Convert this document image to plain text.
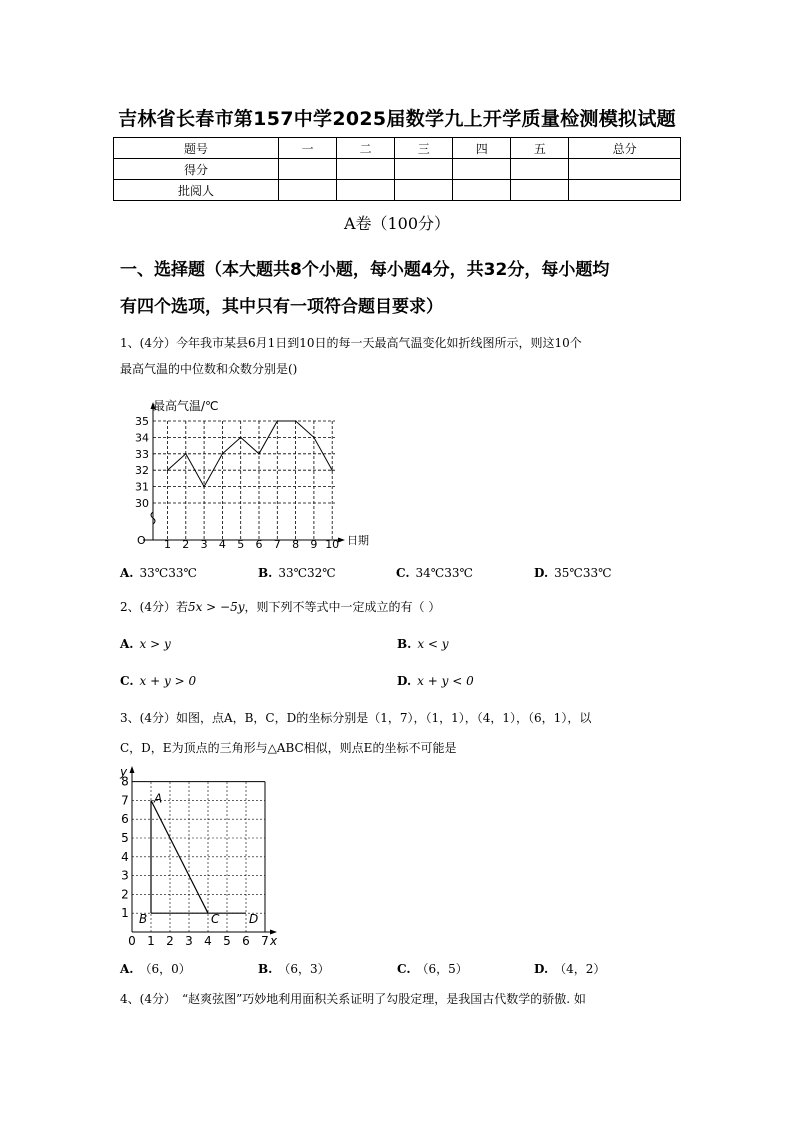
吉林省长春市第157中学2025届数学九上开学质量检测模拟试题
题号	一	二	三	四	五	总分
得分						
批阅人						
A卷（100分）
一、选择题（本大题共8个小题，每小题4分，共32分，每小题均
有四个选项，其中只有一项符合题目要求）
1、(4分）今年我市某县6月1日到10日的每一天最高气温变化如折线图所示，则这10个
最高气温的中位数和众数分别是()
30
31
32
33
34
35
1 2 3 4 5 6 7 8 9 10
最高气温/℃
日期
O
A. 33℃33℃	B. 33℃32℃	C. 34℃33℃	D. 35℃33℃
2、(4分）若5x > −5y，则下列不等式中一定成立的有（ ）
A. x > y	B. x < y
C. x + y > 0	D. x + y < 0
3、(4分）如图，点A，B，C，D的坐标分别是（1，7），（1，1），（4，1），（6，1），以
C，D，E为顶点的三角形与△ABC相似，则点E的坐标不可能是
0 1 2 3 4 5 6 7
1
2
3
4
5
6
7
8
A
B	C D
y
x
A. （6，0）	B. （6，3）	C. （6，5）	D. （4，2）
4、(4分）　“赵爽弦图”巧妙地利用面积关系证明了勾股定理，是我国古代数学的骄傲. 如
